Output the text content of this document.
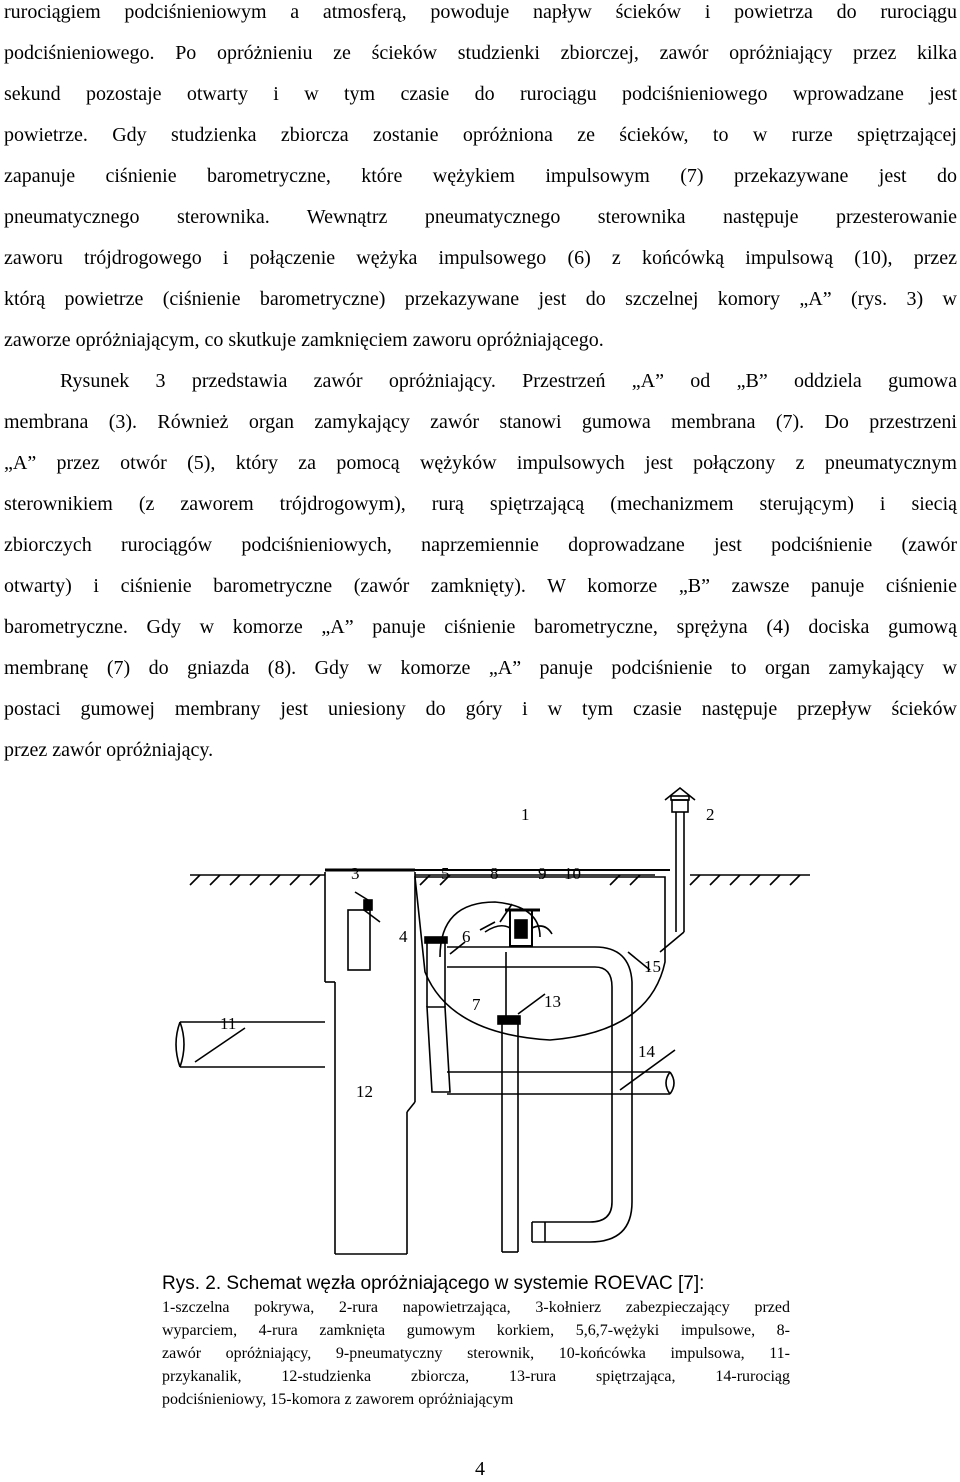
rurociągiem podciśnieniowym a atmosferą, powoduje napływ ścieków i powietrza do rurociągu
podciśnieniowego. Po opróżnieniu ze ścieków studzienki zbiorczej, zawór opróżniający przez kilka
sekund pozostaje otwarty i w tym czasie do rurociągu podciśnieniowego wprowadzane jest
powietrze. Gdy studzienka zbiorcza zostanie opróżniona ze ścieków, to w rurze spiętrzającej
zapanuje ciśnienie barometryczne, które wężykiem impulsowym (7) przekazywane jest do
pneumatycznego sterownika. Wewnątrz pneumatycznego sterownika następuje przesterowanie
zaworu trójdrogowego i połączenie wężyka impulsowego (6) z końcówką impulsową (10), przez
którą powietrze (ciśnienie barometryczne) przekazywane jest do szczelnej komory „A” (rys. 3) w
zaworze opróżniającym, co skutkuje zamknięciem zaworu opróżniającego.
Rysunek 3 przedstawia zawór opróżniający. Przestrzeń „A” od „B” oddziela gumowa
membrana (3). Również organ zamykający zawór stanowi gumowa membrana (7). Do przestrzeni
„A” przez otwór (5), który za pomocą wężyków impulsowych jest połączony z pneumatycznym
sterownikiem (z zaworem trójdrogowym), rurą spiętrzającą (mechanizmem sterującym) i siecią
zbiorczych rurociągów podciśnieniowych, naprzemiennie doprowadzane jest podciśnienie (zawór
otwarty) i ciśnienie barometryczne (zawór zamknięty). W komorze „B” zawsze panuje ciśnienie
barometryczne. Gdy w komorze „A” panuje ciśnienie barometryczne, sprężyna (4) dociska gumową
membranę (7) do gniazda (8). Gdy w komorze „A” panuje podciśnienie to organ zamykający w
postaci gumowej membrany jest uniesiony do góry i w tym czasie następuje przepływ ścieków
przez zawór opróżniający.
1	2
3
4
5
6
7
8 9 10
11
12
13
14
15
Rys. 2. Schemat węzła opróżniającego w systemie ROEVAC [7]:
1-szczelna pokrywa, 2-rura napowietrzająca, 3-kołnierz zabezpieczający przed
wyparciem, 4-rura zamknięta gumowym korkiem, 5,6,7-wężyki impulsowe, 8-
zawór opróżniający, 9-pneumatyczny sterownik, 10-końcówka impulsowa, 11-
przykanalik, 12-studzienka zbiorcza, 13-rura spiętrzająca, 14-rurociąg
podciśnieniowy, 15-komora z zaworem opróżniającym
4
